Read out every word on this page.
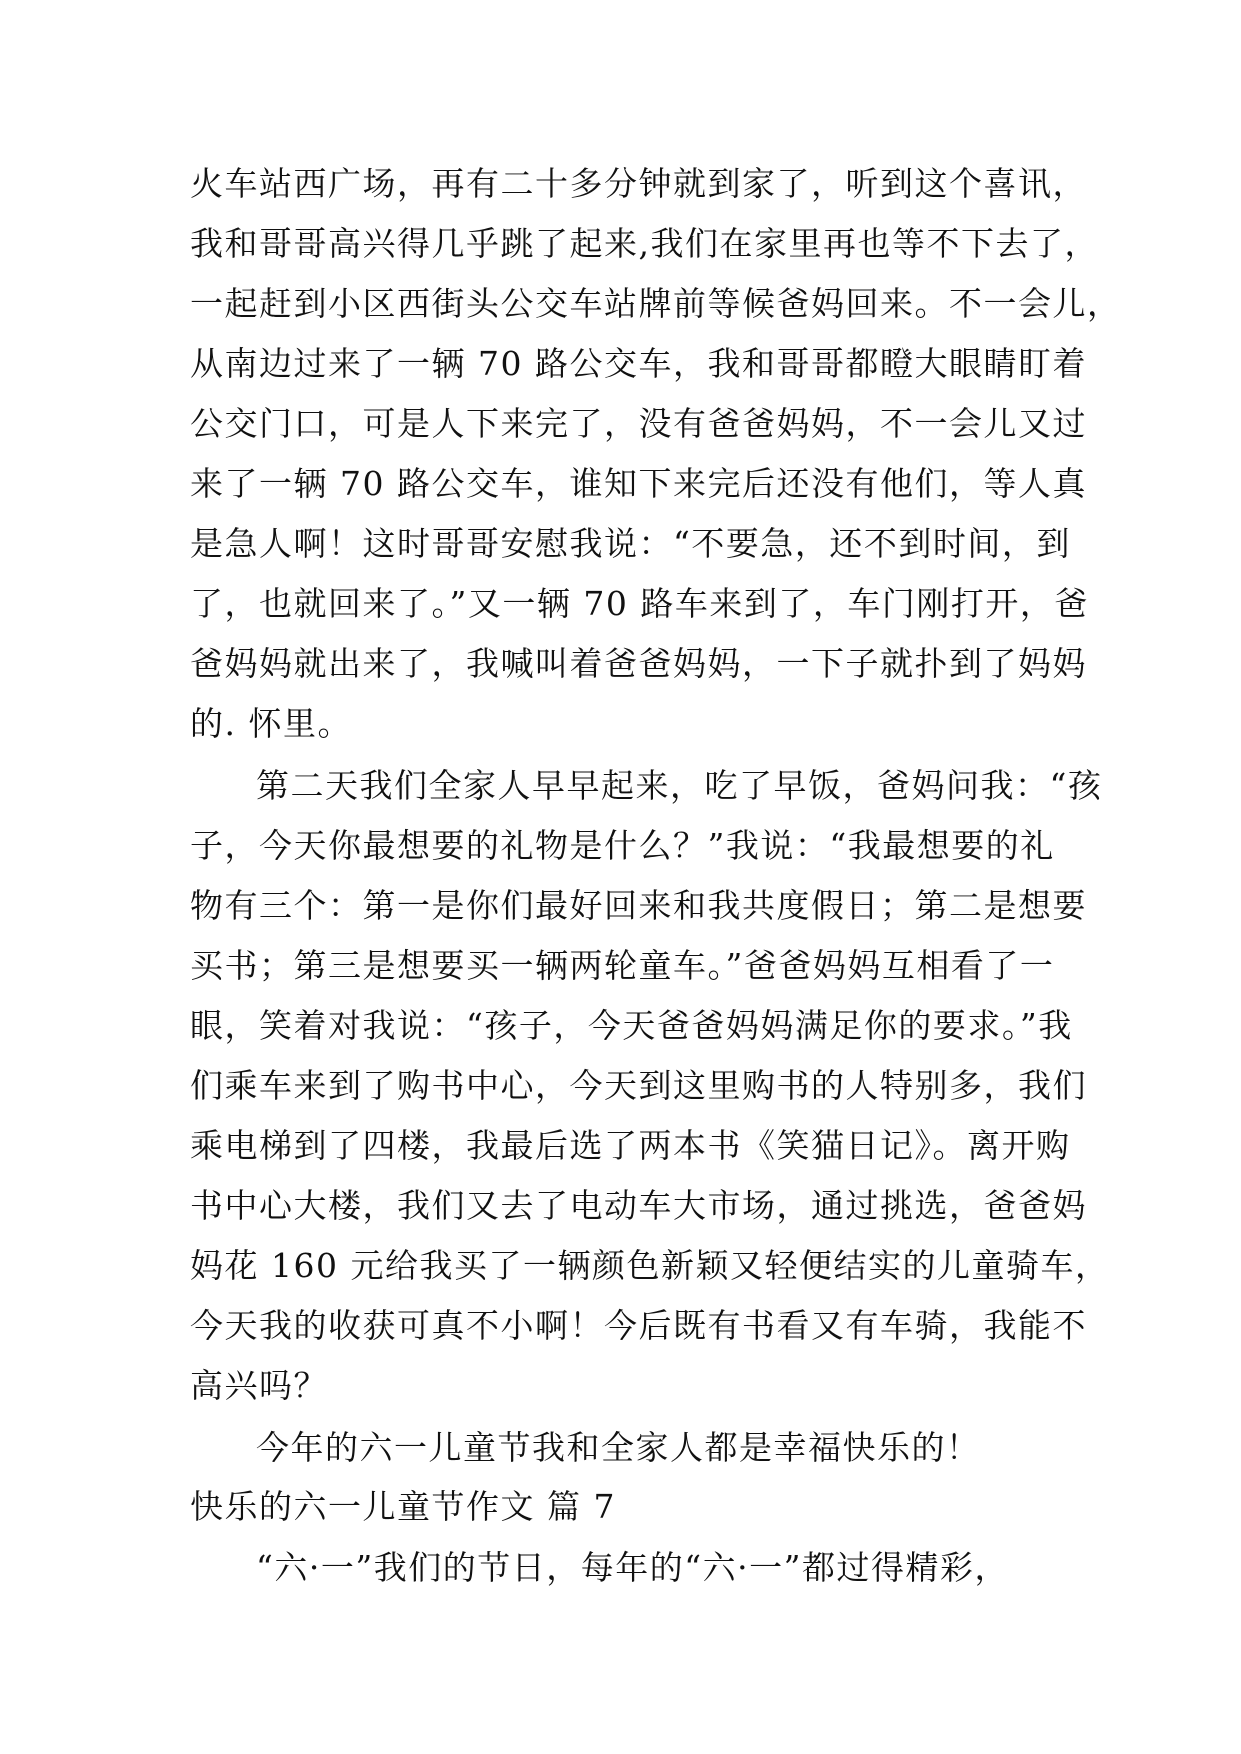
火车站西广场，再有二十多分钟就到家了，听到这个喜讯，
我和哥哥高兴得几乎跳了起来,我们在家里再也等不下去了，
一起赶到小区西街头公交车站牌前等候爸妈回来。不一会儿，
从南边过来了一辆 70 路公交车，我和哥哥都瞪大眼睛盯着
公交门口，可是人下来完了，没有爸爸妈妈，不一会儿又过
来了一辆 70 路公交车，谁知下来完后还没有他们，等人真
是急人啊！这时哥哥安慰我说：“不要急，还不到时间，到
了，也就回来了。”又一辆 70 路车来到了，车门刚打开，爸
爸妈妈就出来了，我喊叫着爸爸妈妈，一下子就扑到了妈妈
的. 怀里。
第二天我们全家人早早起来，吃了早饭，爸妈问我：“孩
子，今天你最想要的礼物是什么？”我说：“我最想要的礼
物有三个：第一是你们最好回来和我共度假日；第二是想要
买书；第三是想要买一辆两轮童车。”爸爸妈妈互相看了一
眼，笑着对我说：“孩子，今天爸爸妈妈满足你的要求。”我
们乘车来到了购书中心，今天到这里购书的人特别多，我们
乘电梯到了四楼，我最后选了两本书《笑猫日记》。离开购
书中心大楼，我们又去了电动车大市场，通过挑选，爸爸妈
妈花 160 元给我买了一辆颜色新颖又轻便结实的儿童骑车，
今天我的收获可真不小啊！今后既有书看又有车骑，我能不
高兴吗？
今年的六一儿童节我和全家人都是幸福快乐的！
快乐的六一儿童节作文 篇 7
“六·一”我们的节日，每年的“六·一”都过得精彩，
